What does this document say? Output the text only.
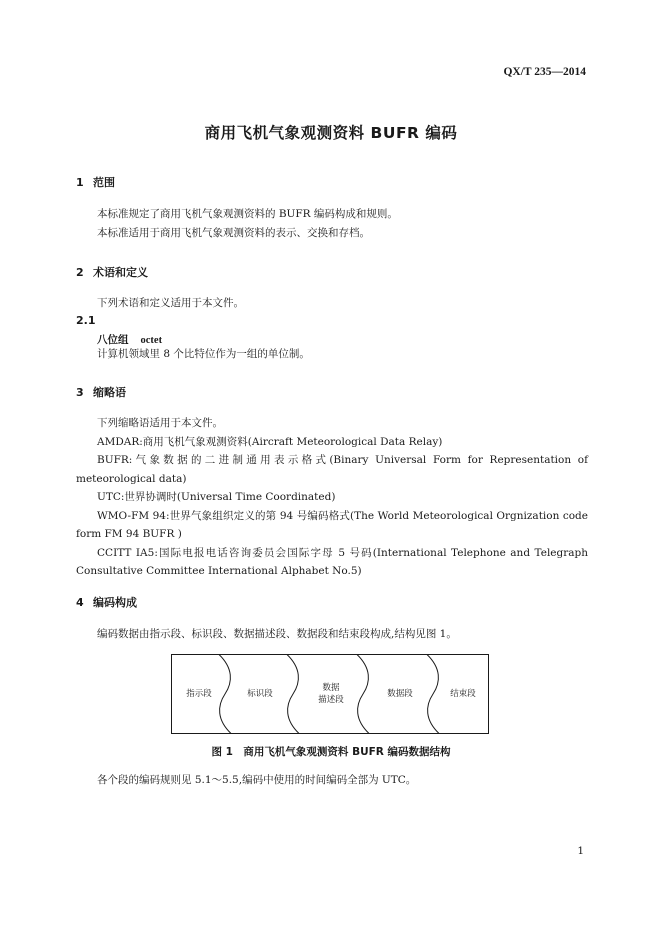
QX/T 235—2014
商用飞机气象观测资料 BUFR 编码
1 范围
本标准规定了商用飞机气象观测资料的 BUFR 编码构成和规则。
本标准适用于商用飞机气象观测资料的表示、交换和存档。
2 术语和定义
下列术语和定义适用于本文件。
2.1
八位组 octet
计算机领域里 8 个比特位作为一组的单位制。
3 缩略语
下列缩略语适用于本文件。
AMDAR:商用飞机气象观测资料(Aircraft Meteorological Data Relay)
BUFR:气象数据的二进制通用表示格式(Binary Universal Form for Representation of meteorological data)
UTC:世界协调时(Universal Time Coordinated)
WMO-FM 94:世界气象组织定义的第 94 号编码格式(The World Meteorological Orgnization code form FM 94 BUFR )
CCITT IA5:国际电报电话咨询委员会国际字母 5 号码(International Telephone and Telegraph Consultative Committee International Alphabet No.5)
4 编码构成
编码数据由指示段、标识段、数据描述段、数据段和结束段构成,结构见图 1。
指示段	标识段
数据
描述段
数据段	结束段
图 1　商用飞机气象观测资料 BUFR 编码数据结构
各个段的编码规则见 5.1～5.5,编码中使用的时间编码全部为 UTC。
1
